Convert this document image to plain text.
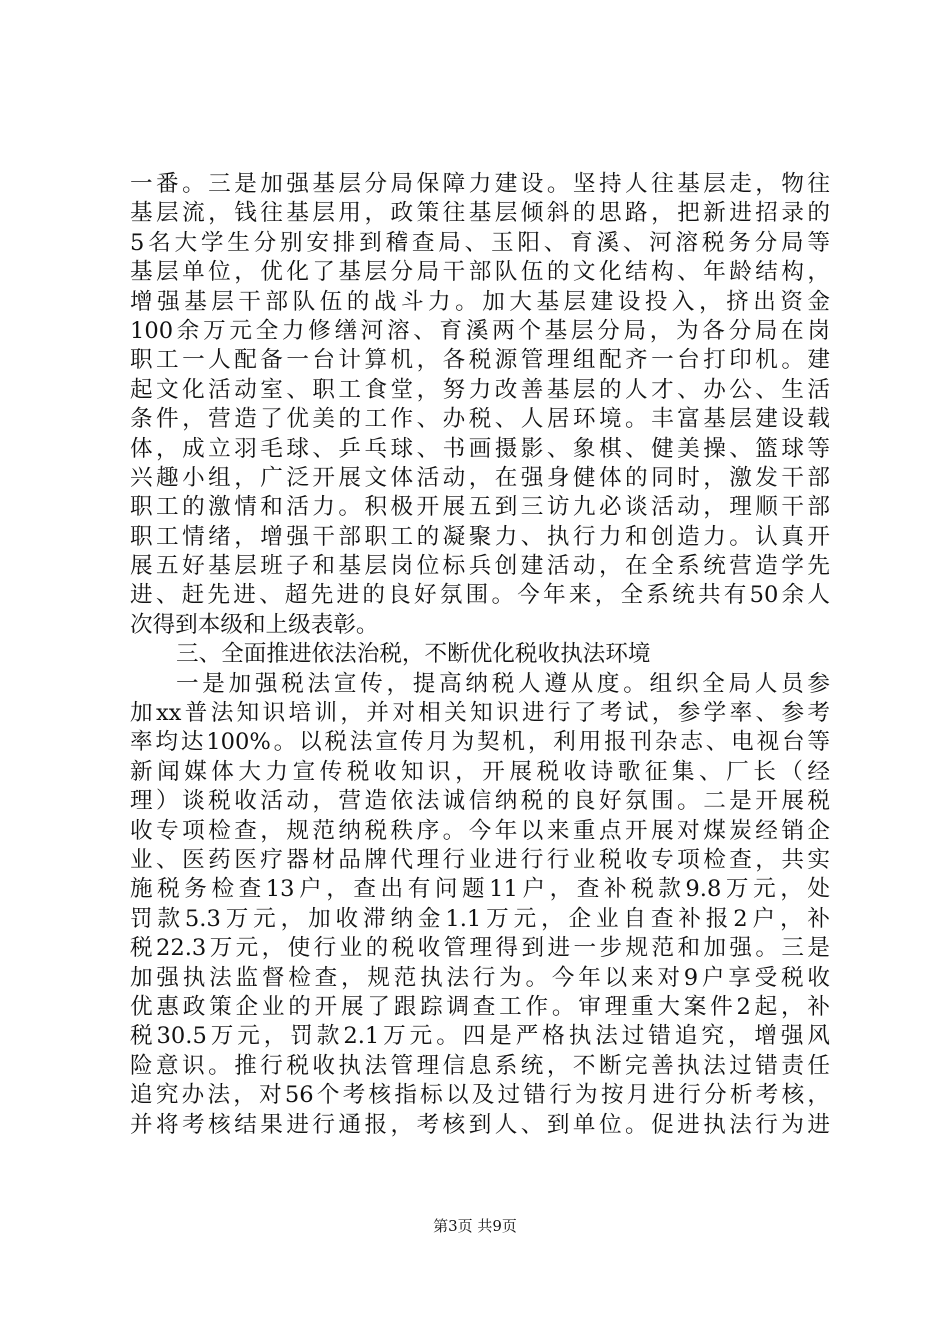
一番。三是加强基层分局保障力建设。坚持人往基层走，物往
基层流，钱往基层用，政策往基层倾斜的思路，把新进招录的
5名大学生分别安排到稽查局、玉阳、育溪、河溶税务分局等
基层单位，优化了基层分局干部队伍的文化结构、年龄结构，
增强基层干部队伍的战斗力。加大基层建设投入，挤出资金
100余万元全力修缮河溶、育溪两个基层分局，为各分局在岗
职工一人配备一台计算机，各税源管理组配齐一台打印机。建
起文化活动室、职工食堂，努力改善基层的人才、办公、生活
条件，营造了优美的工作、办税、人居环境。丰富基层建设载
体，成立羽毛球、乒乓球、书画摄影、象棋、健美操、篮球等
兴趣小组，广泛开展文体活动，在强身健体的同时，激发干部
职工的激情和活力。积极开展五到三访九必谈活动，理顺干部
职工情绪，增强干部职工的凝聚力、执行力和创造力。认真开
展五好基层班子和基层岗位标兵创建活动，在全系统营造学先
进、赶先进、超先进的良好氛围。今年来，全系统共有50余人
次得到本级和上级表彰。
三、全面推进依法治税，不断优化税收执法环境
一是加强税法宣传，提高纳税人遵从度。组织全局人员参
加xx普法知识培训，并对相关知识进行了考试，参学率、参考
率均达100%。以税法宣传月为契机，利用报刊杂志、电视台等
新闻媒体大力宣传税收知识，开展税收诗歌征集、厂长（经
理）谈税收活动，营造依法诚信纳税的良好氛围。二是开展税
收专项检查，规范纳税秩序。今年以来重点开展对煤炭经销企
业、医药医疗器材品牌代理行业进行行业税收专项检查，共实
施税务检查13户，查出有问题11户，查补税款9.8万元，处
罚款5.3万元，加收滞纳金1.1万元，企业自查补报2户，补
税22.3万元，使行业的税收管理得到进一步规范和加强。三是
加强执法监督检查，规范执法行为。今年以来对9户享受税收
优惠政策企业的开展了跟踪调查工作。审理重大案件2起，补
税30.5万元，罚款2.1万元。四是严格执法过错追究，增强风
险意识。推行税收执法管理信息系统，不断完善执法过错责任
追究办法，对56个考核指标以及过错行为按月进行分析考核，
并将考核结果进行通报，考核到人、到单位。促进执法行为进
第3页 共9页
